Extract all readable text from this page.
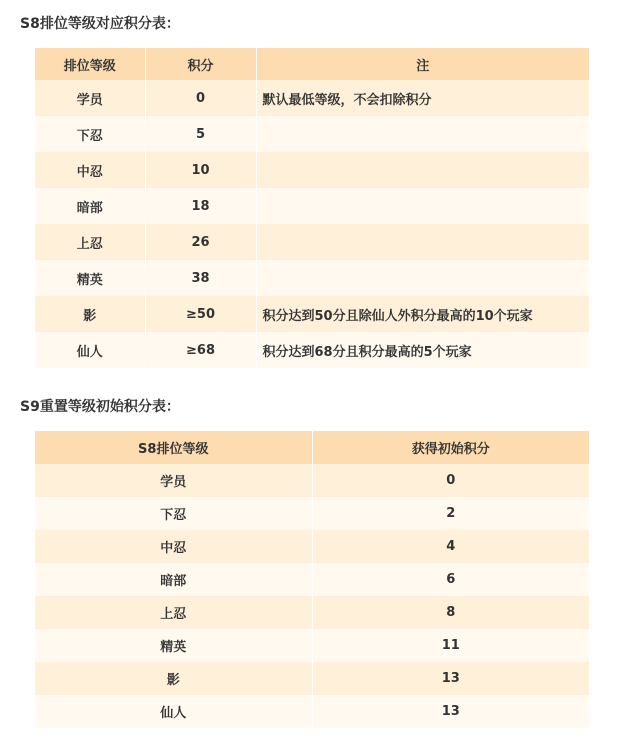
S8排位等级对应积分表：
排位等级	积分	注
学员	0	默认最低等级，不会扣除积分
下忍	5	
中忍	10	
暗部	18	
上忍	26	
精英	38	
影	≥50	积分达到50分且除仙人外积分最高的10个玩家
仙人	≥68	积分达到68分且积分最高的5个玩家
S9重置等级初始积分表：
S8排位等级	获得初始积分
学员	0
下忍	2
中忍	4
暗部	6
上忍	8
精英	11
影	13
仙人	13
